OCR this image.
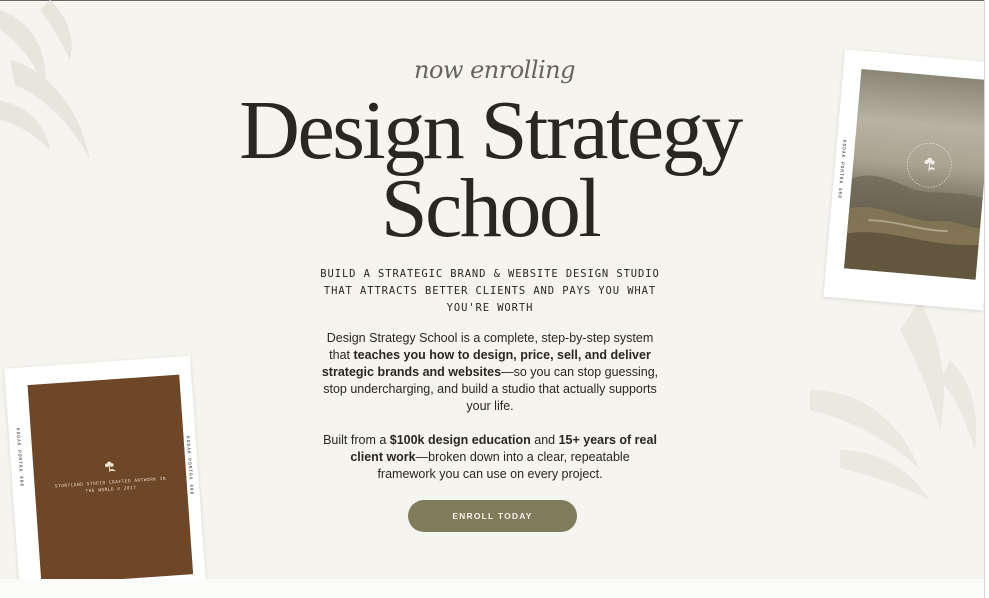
now enrolling
Design Strategy
School
BUILD A STRATEGIC BRAND & WEBSITE DESIGN STUDIO THAT ATTRACTS BETTER CLIENTS AND PAYS YOU WHAT YOU'RE WORTH
Design Strategy School is a complete, step-by-step system that teaches you how to design, price, sell, and deliver strategic brands and websites—so you can stop guessing, stop undercharging, and build a studio that actually supports your life.
Built from a $100k design education and 15+ years of real client work—broken down into a clear, repeatable framework you can use on every project.
ENROLL TODAY
KODAK PORTRA 400	STORYLAND STUDIO CRAFTED ARTWORK IN THE WORLD © 2017	KODAK PORTRA 400
KODAK PORTRA 400
